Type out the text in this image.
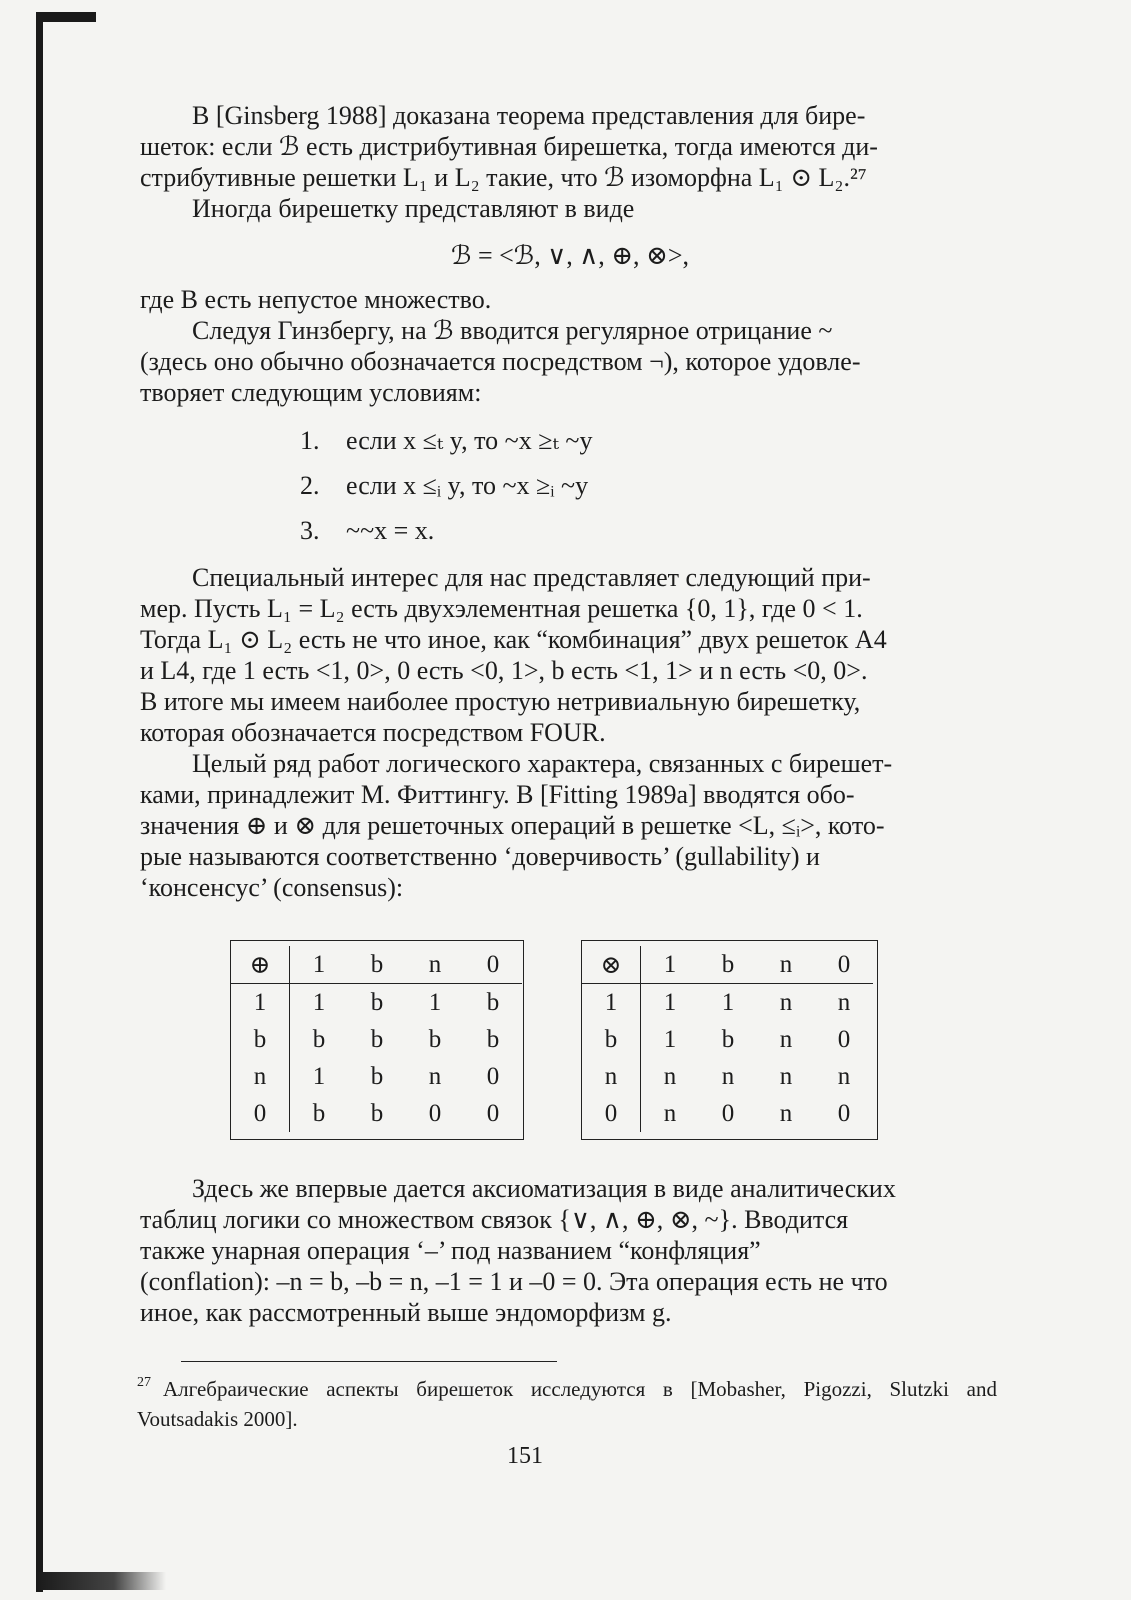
В [Ginsberg 1988] доказана теорема представления для бире-
шеток: если ℬ есть дистрибутивная бирешетка, тогда имеются ди-
стрибутивные решетки L₁ и L₂ такие, что ℬ изоморфна L₁ ⊙ L₂.²⁷
Иногда бирешетку представляют в виде
ℬ = <ℬ, ∨, ∧, ⊕, ⊗>,
где B есть непустое множество.
Следуя Гинзбергу, на ℬ вводится регулярное отрицание ~
(здесь оно обычно обозначается посредством ¬), которое удовле-
творяет следующим условиям:
1. если x ≤ₜ y, то ~x ≥ₜ ~y
2. если x ≤ᵢ y, то ~x ≥ᵢ ~y
3. ~~x = x.
Специальный интерес для нас представляет следующий при-
мер. Пусть L₁ = L₂ есть двухэлементная решетка {0, 1}, где 0 < 1.
Тогда L₁ ⊙ L₂ есть не что иное, как “комбинация” двух решеток A4
и L4, где 1 есть <1, 0>, 0 есть <0, 1>, b есть <1, 1> и n есть <0, 0>.
В итоге мы имеем наиболее простую нетривиальную бирешетку,
которая обозначается посредством FOUR.
Целый ряд работ логического характера, связанных с бирешет-
ками, принадлежит М. Фиттингу. В [Fitting 1989a] вводятся обо-
значения ⊕ и ⊗ для решеточных операций в решетке <L, ≤ᵢ>, кото-
рые называются соответственно ‘доверчивость’ (gullability) и
‘консенсус’ (consensus):
⊕	1	b	n	0
1	1	b	1	b
b	b	b	b	b
n	1	b	n	0
0	b	b	0	0
⊗	1	b	n	0
1	1	1	n	n
b	1	b	n	0
n	n	n	n	n
0	n	0	n	0
Здесь же впервые дается аксиоматизация в виде аналитических
таблиц логики со множеством связок {∨, ∧, ⊕, ⊗, ~}. Вводится
также унарная операция ‘–’ под названием “конфляция”
(conflation): –n = b, –b = n, –1 = 1 и –0 = 0. Эта операция есть не что
иное, как рассмотренный выше эндоморфизм g.
$^{27}$ Алгебраические аспекты бирешеток исследуются в [Mobasher, Pigozzi, Slutzki and Voutsadakis 2000].
151
